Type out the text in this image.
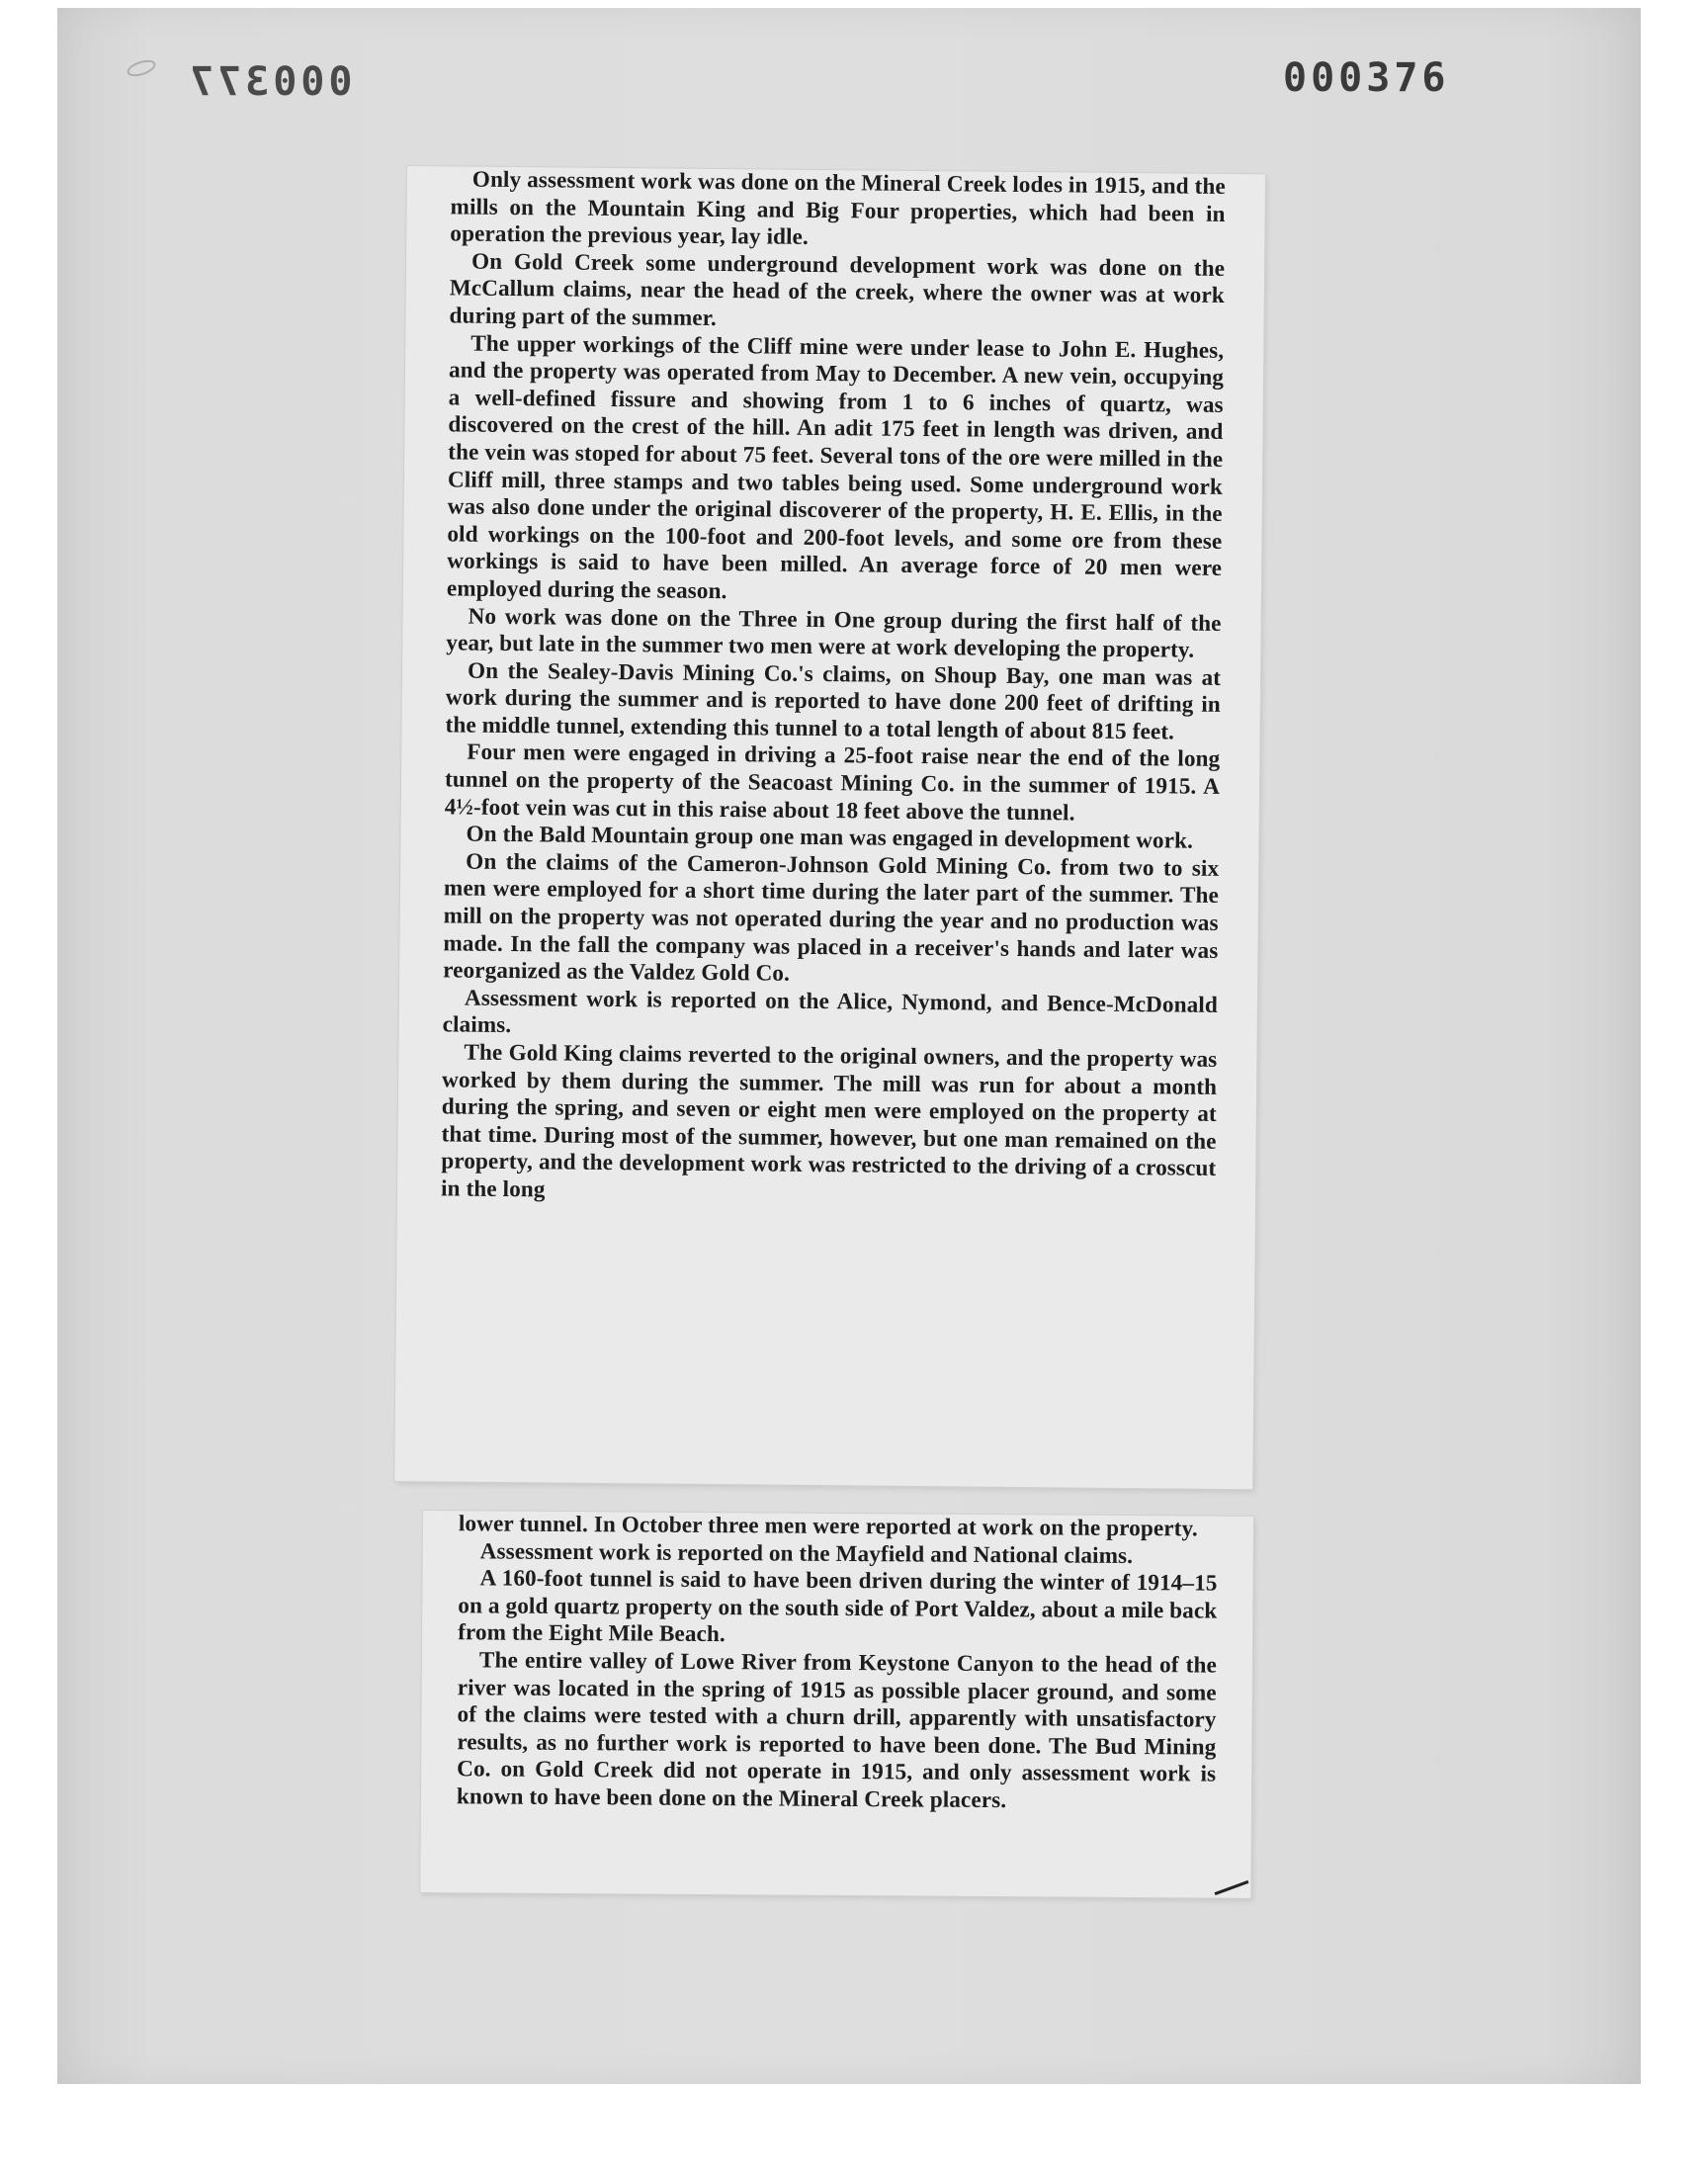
000377	000376

Only assessment work was done on the Mineral Creek lodes in 1915, and the mills on the Mountain King and Big Four properties, which had been in operation the previous year, lay idle.

On Gold Creek some underground development work was done on the McCallum claims, near the head of the creek, where the owner was at work during part of the summer.

The upper workings of the Cliff mine were under lease to John E. Hughes, and the property was operated from May to December. A new vein, occupying a well-defined fissure and showing from 1 to 6 inches of quartz, was discovered on the crest of the hill. An adit 175 feet in length was driven, and the vein was stoped for about 75 feet. Several tons of the ore were milled in the Cliff mill, three stamps and two tables being used. Some underground work was also done under the original discoverer of the property, H. E. Ellis, in the old workings on the 100-foot and 200-foot levels, and some ore from these workings is said to have been milled. An average force of 20 men were employed during the season.

No work was done on the Three in One group during the first half of the year, but late in the summer two men were at work developing the property.

On the Sealey-Davis Mining Co.'s claims, on Shoup Bay, one man was at work during the summer and is reported to have done 200 feet of drifting in the middle tunnel, extending this tunnel to a total length of about 815 feet.

Four men were engaged in driving a 25-foot raise near the end of the long tunnel on the property of the Seacoast Mining Co. in the summer of 1915. A 4½-foot vein was cut in this raise about 18 feet above the tunnel.

On the Bald Mountain group one man was engaged in development work.

On the claims of the Cameron-Johnson Gold Mining Co. from two to six men were employed for a short time during the later part of the summer. The mill on the property was not operated during the year and no production was made. In the fall the company was placed in a receiver's hands and later was reorganized as the Valdez Gold Co.

Assessment work is reported on the Alice, Nymond, and Bence-McDonald claims.

The Gold King claims reverted to the original owners, and the property was worked by them during the summer. The mill was run for about a month during the spring, and seven or eight men were employed on the property at that time. During most of the summer, however, but one man remained on the property, and the development work was restricted to the driving of a crosscut in the long

lower tunnel. In October three men were reported at work on the property.

Assessment work is reported on the Mayfield and National claims.

A 160-foot tunnel is said to have been driven during the winter of 1914–15 on a gold quartz property on the south side of Port Valdez, about a mile back from the Eight Mile Beach.

The entire valley of Lowe River from Keystone Canyon to the head of the river was located in the spring of 1915 as possible placer ground, and some of the claims were tested with a churn drill, apparently with unsatisfactory results, as no further work is reported to have been done. The Bud Mining Co. on Gold Creek did not operate in 1915, and only assessment work is known to have been done on the Mineral Creek placers.
